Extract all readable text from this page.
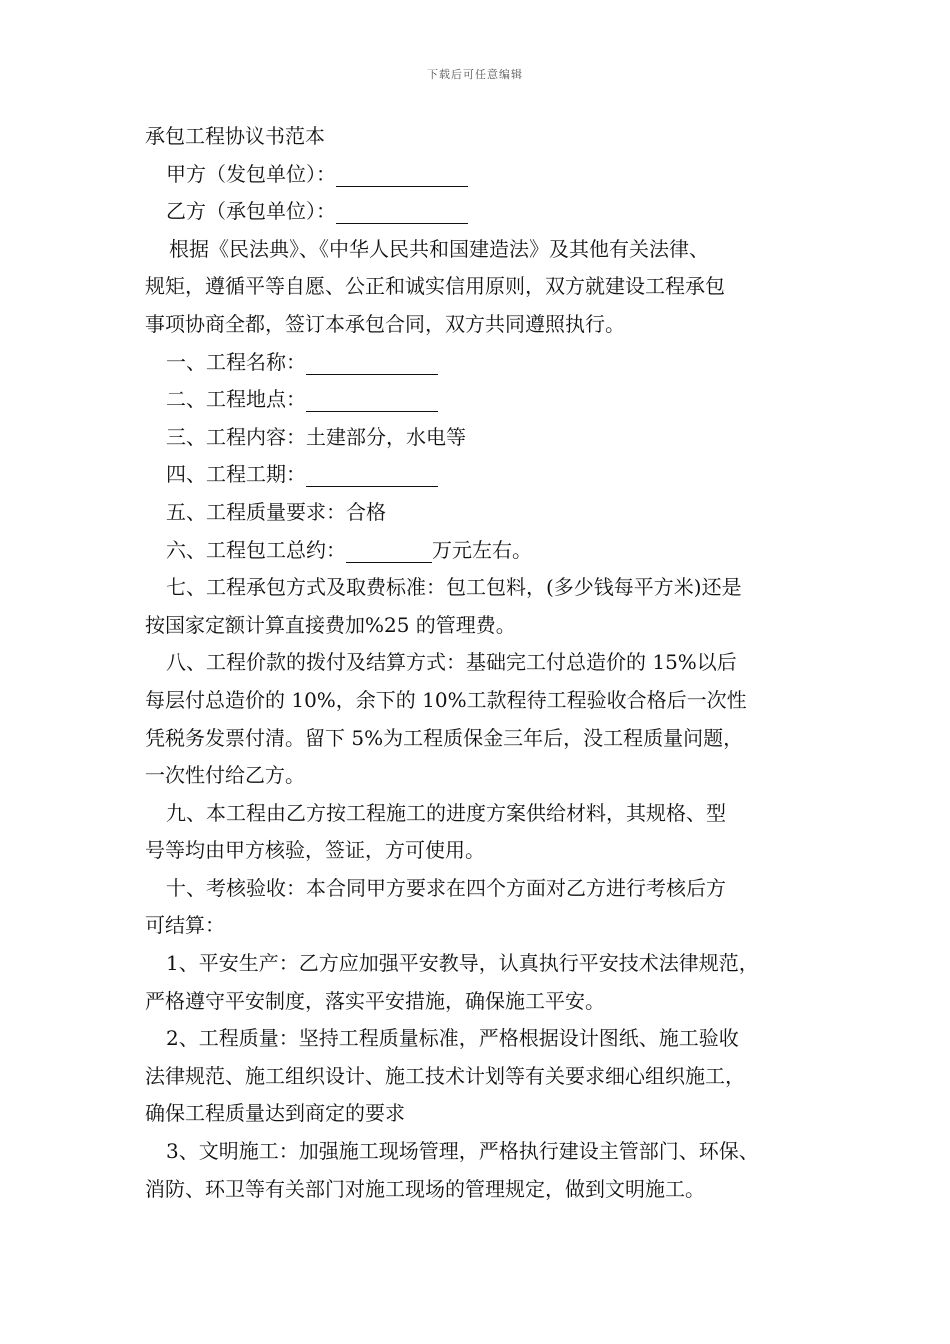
下载后可任意编辑
承包工程协议书范本
甲方（发包单位）：
乙方（承包单位）：
根据《民法典》、《中华人民共和国建造法》及其他有关法律、
规矩，遵循平等自愿、公正和诚实信用原则，双方就建设工程承包
事项协商全都，签订本承包合同，双方共同遵照执行。
一、工程名称：
二、工程地点：
三、工程内容：土建部分，水电等
四、工程工期：
五、工程质量要求：合格
六、工程包工总约：	万元左右。
七、工程承包方式及取费标准：包工包料，(多少钱每平方米)还是
按国家定额计算直接费加%25 的管理费。
八、工程价款的拨付及结算方式：基础完工付总造价的 15%以后
每层付总造价的 10%，余下的 10%工款程待工程验收合格后一次性
凭税务发票付清。留下 5%为工程质保金三年后，没工程质量问题，
一次性付给乙方。
九、本工程由乙方按工程施工的进度方案供给材料，其规格、型
号等均由甲方核验，签证，方可使用。
十、考核验收：本合同甲方要求在四个方面对乙方进行考核后方
可结算：
1、平安生产：乙方应加强平安教导，认真执行平安技术法律规范，
严格遵守平安制度，落实平安措施，确保施工平安。
2、工程质量：坚持工程质量标准，严格根据设计图纸、施工验收
法律规范、施工组织设计、施工技术计划等有关要求细心组织施工，
确保工程质量达到商定的要求
3、文明施工：加强施工现场管理，严格执行建设主管部门、环保、
消防、环卫等有关部门对施工现场的管理规定，做到文明施工。
